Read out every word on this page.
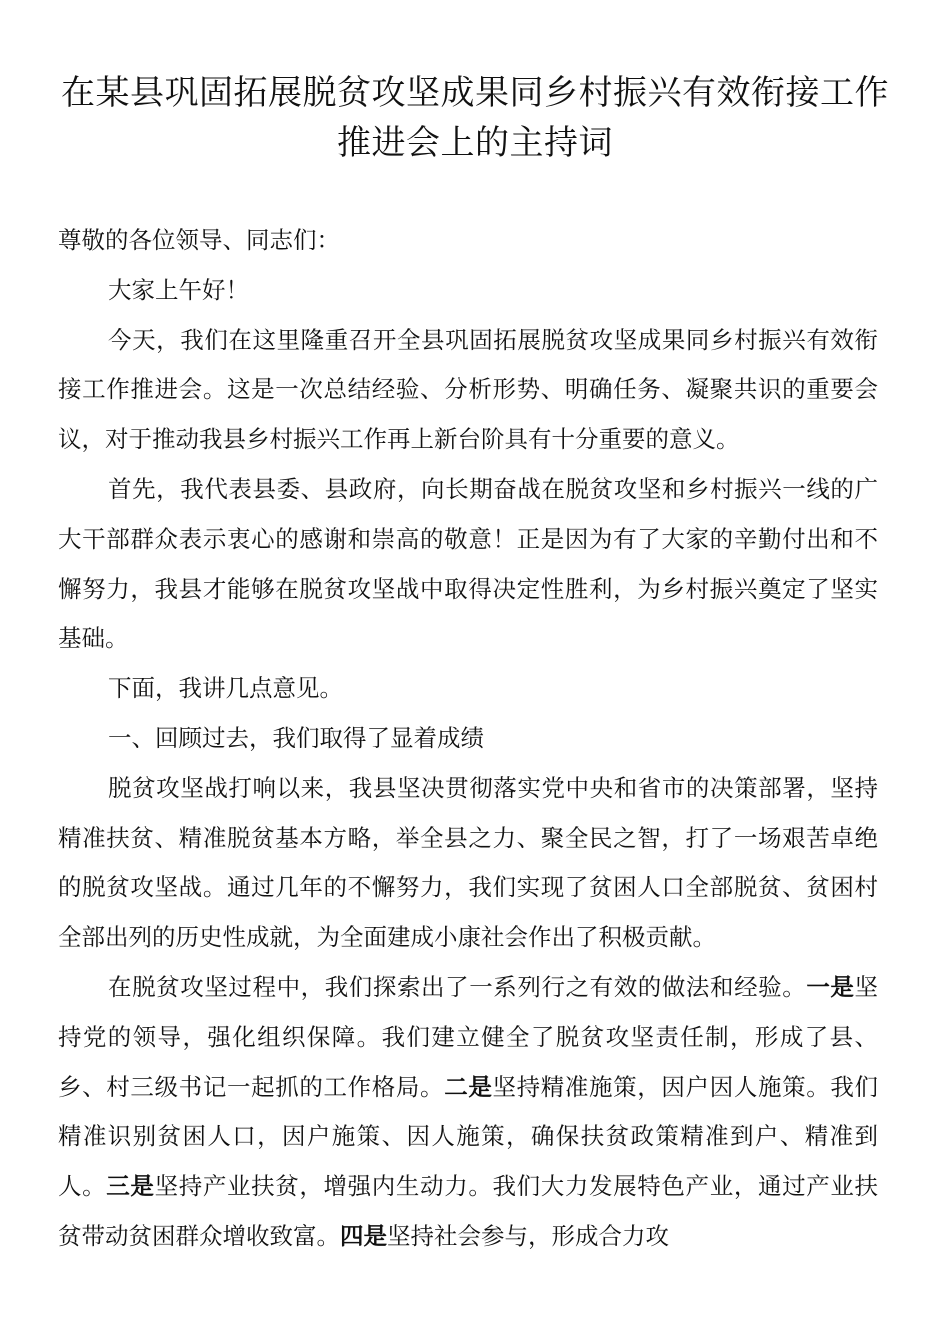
在某县巩固拓展脱贫攻坚成果同乡村振兴有效衔接工作推进会上的主持词

尊敬的各位领导、同志们：

大家上午好！

今天，我们在这里隆重召开全县巩固拓展脱贫攻坚成果同乡村振兴有效衔接工作推进会。这是一次总结经验、分析形势、明确任务、凝聚共识的重要会议，对于推动我县乡村振兴工作再上新台阶具有十分重要的意义。

首先，我代表县委、县政府，向长期奋战在脱贫攻坚和乡村振兴一线的广大干部群众表示衷心的感谢和崇高的敬意！正是因为有了大家的辛勤付出和不懈努力，我县才能够在脱贫攻坚战中取得决定性胜利，为乡村振兴奠定了坚实基础。

下面，我讲几点意见。

一、回顾过去，我们取得了显着成绩

脱贫攻坚战打响以来，我县坚决贯彻落实党中央和省市的决策部署，坚持精准扶贫、精准脱贫基本方略，举全县之力、聚全民之智，打了一场艰苦卓绝的脱贫攻坚战。通过几年的不懈努力，我们实现了贫困人口全部脱贫、贫困村全部出列的历史性成就，为全面建成小康社会作出了积极贡献。

在脱贫攻坚过程中，我们探索出了一系列行之有效的做法和经验。一是坚持党的领导，强化组织保障。我们建立健全了脱贫攻坚责任制，形成了县、乡、村三级书记一起抓的工作格局。二是坚持精准施策，因户因人施策。我们精准识别贫困人口，因户施策、因人施策，确保扶贫政策精准到户、精准到人。三是坚持产业扶贫，增强内生动力。我们大力发展特色产业，通过产业扶贫带动贫困群众增收致富。四是坚持社会参与，形成合力攻
